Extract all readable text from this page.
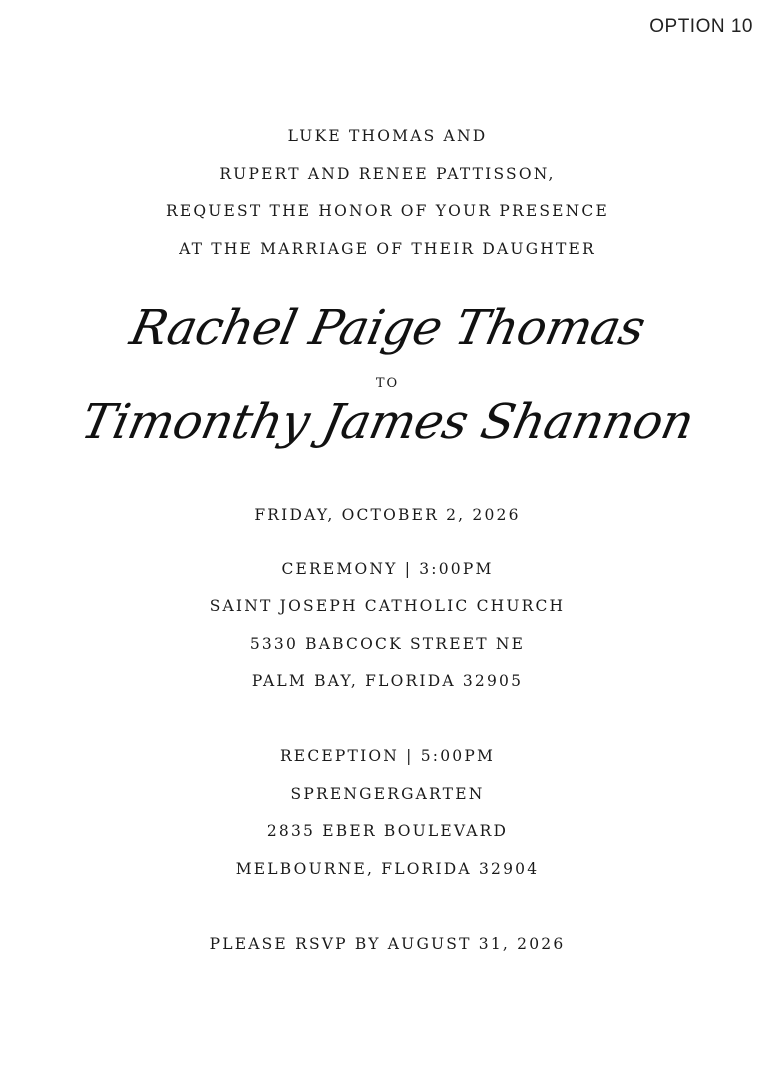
OPTION 10
LUKE THOMAS AND
RUPERT AND RENEE PATTISSON,
REQUEST THE HONOR OF YOUR PRESENCE
AT THE MARRIAGE OF THEIR DAUGHTER
Rachel Paige Thomas
TO
Timonthy James Shannon
FRIDAY, OCTOBER 2, 2026
CEREMONY | 3:00PM
SAINT JOSEPH CATHOLIC CHURCH
5330 BABCOCK STREET NE
PALM BAY, FLORIDA 32905
RECEPTION | 5:00PM
SPRENGERGARTEN
2835 EBER BOULEVARD
MELBOURNE, FLORIDA 32904
PLEASE RSVP BY AUGUST 31, 2026
